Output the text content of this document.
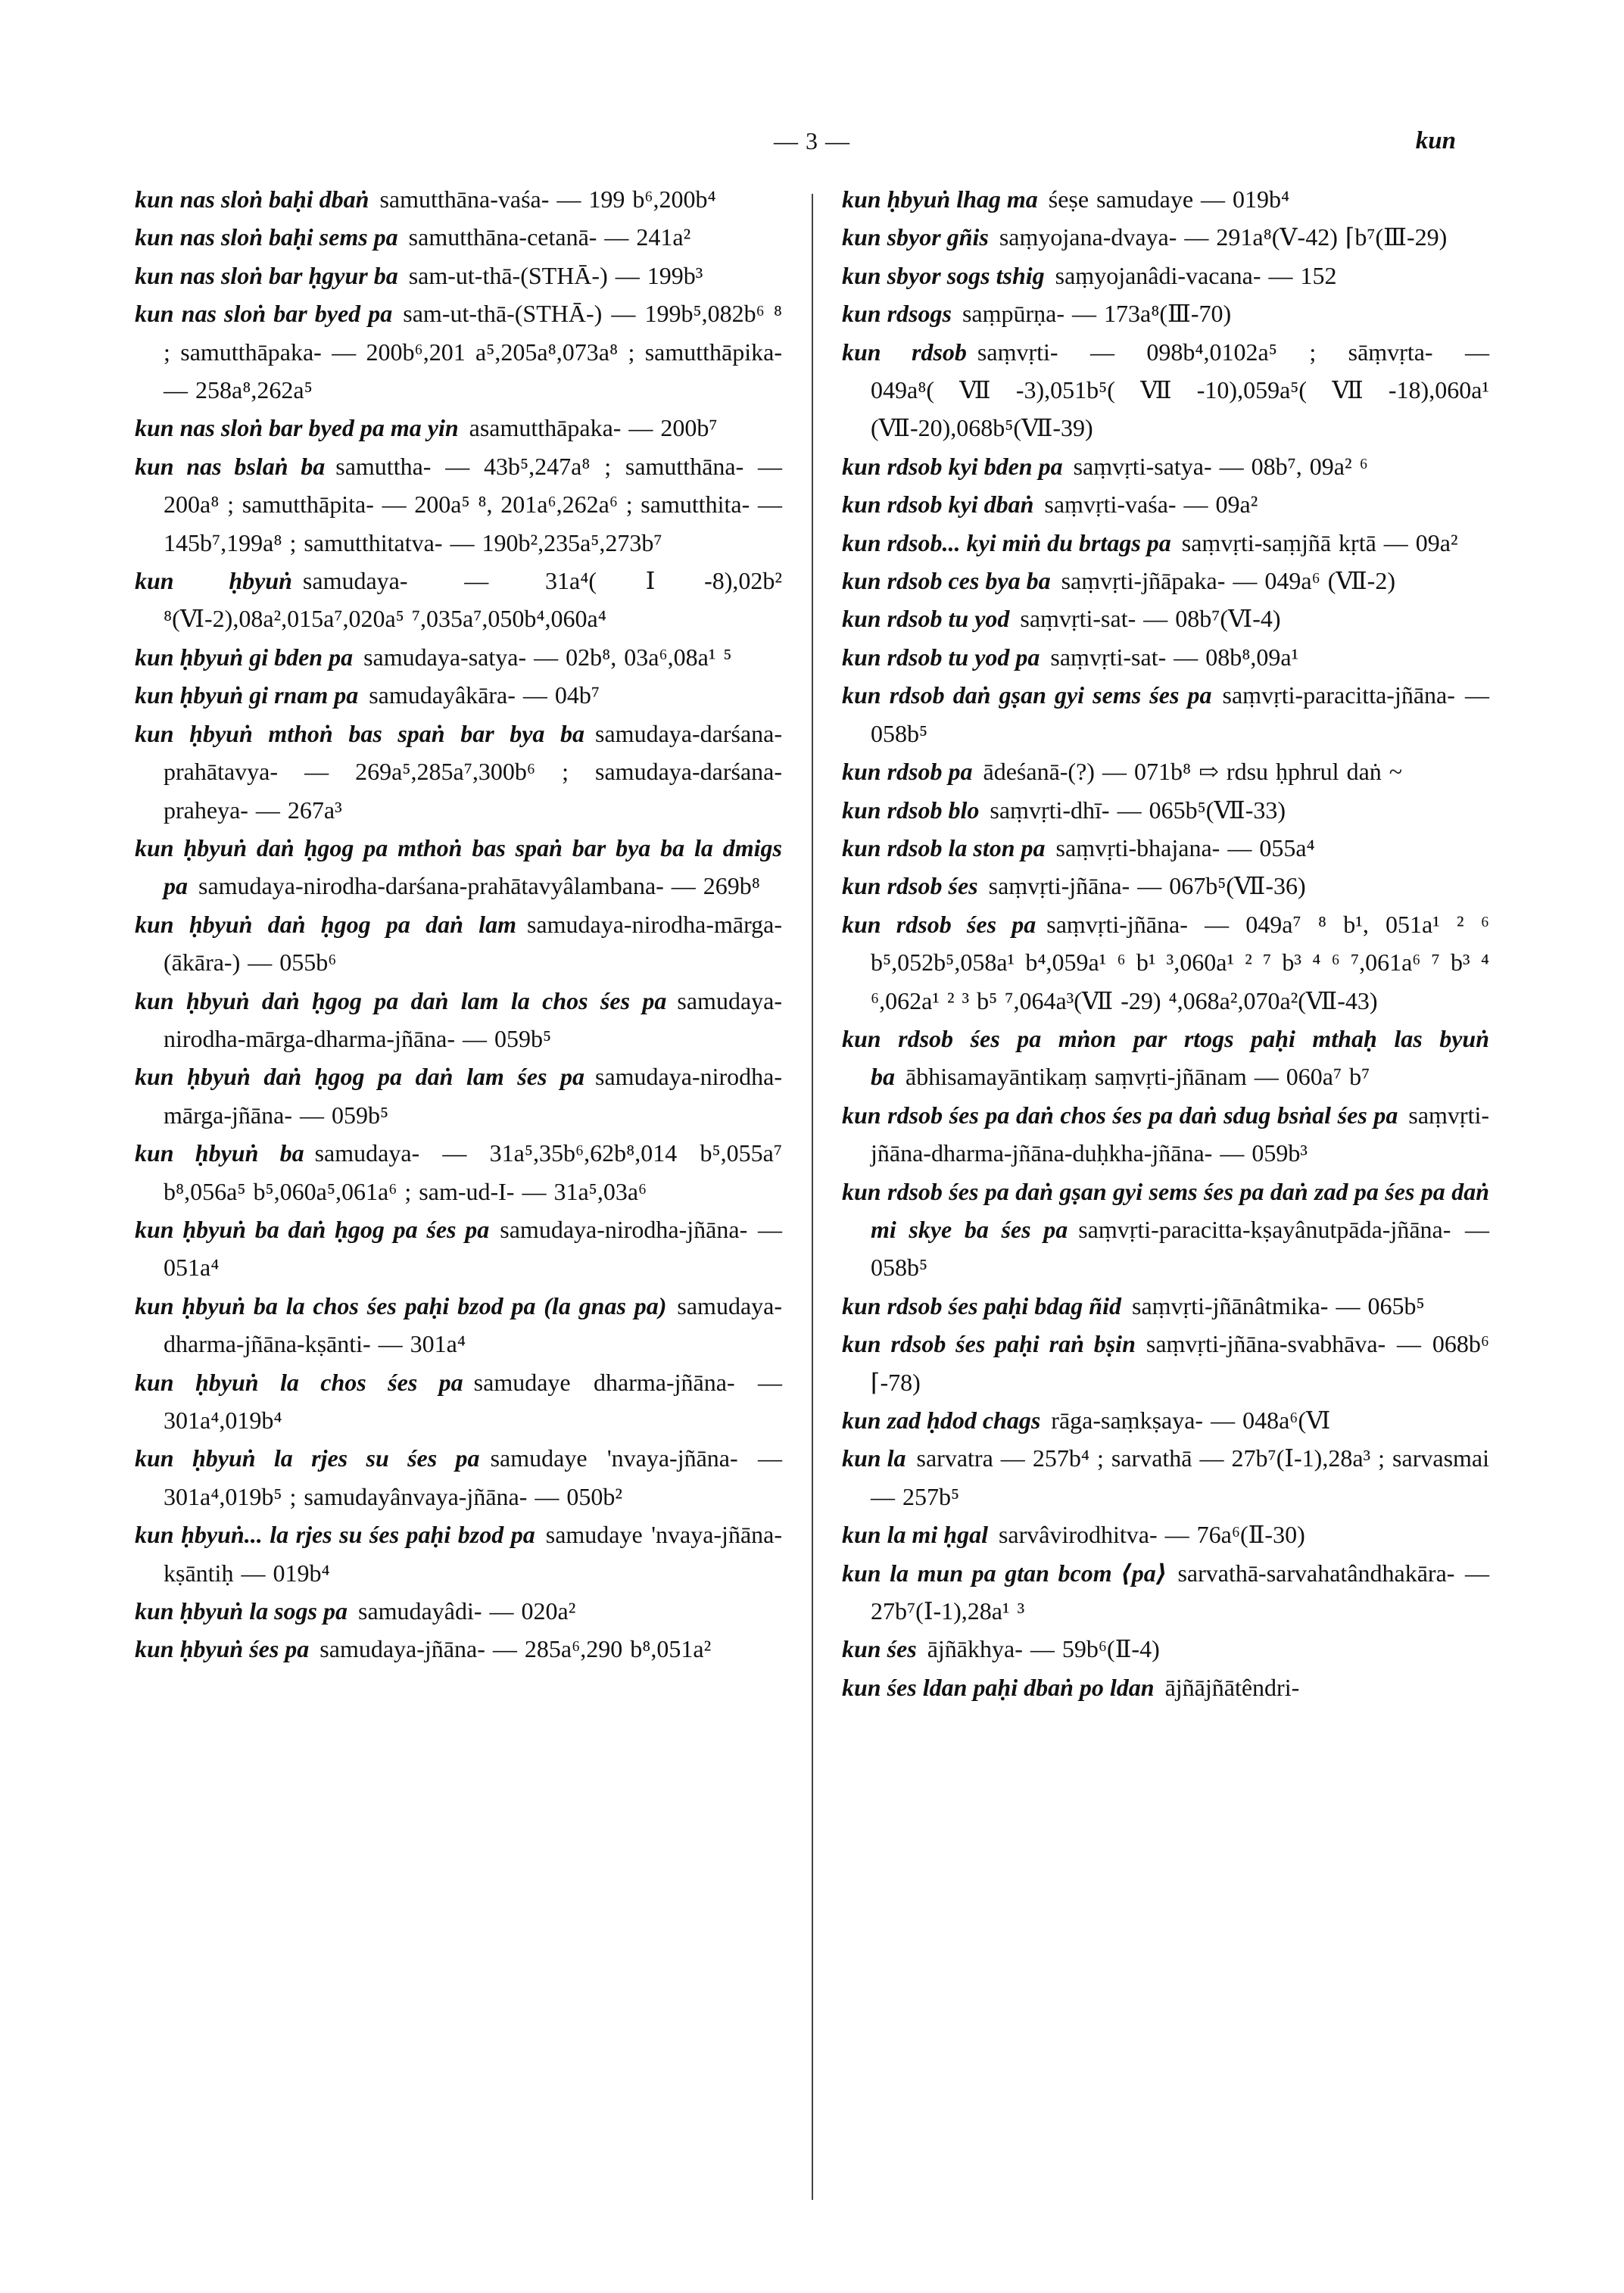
— 3 —	kun

kun nas sloṅ baḥi dbaṅ samutthāna-vaśa- — 199 b⁶,200b⁴

kun nas sloṅ baḥi sems pa samutthāna-cetanā- — 241a²

kun nas sloṅ bar ḥgyur ba sam-ut-thā-(STHĀ-) — 199b³

kun nas sloṅ bar byed pa sam-ut-thā-(STHĀ-) — 199b⁵,082b⁶ ⁸ ; samutthāpaka- — 200b⁶,201 a⁵,205a⁸,073a⁸ ; samutthāpika- — 258a⁸,262a⁵

kun nas sloṅ bar byed pa ma yin asamutthāpaka- — 200b⁷

kun nas bslaṅ ba samuttha- — 43b⁵,247a⁸ ; samutthāna- — 200a⁸ ; samutthāpita- — 200a⁵ ⁸, 201a⁶,262a⁶ ; samutthita- — 145b⁷,199a⁸ ; samutthitatva- — 190b²,235a⁵,273b⁷

kun ḥbyuṅ samudaya- — 31a⁴(Ⅰ-8),02b² ⁸(Ⅵ-2),08a²,015a⁷,020a⁵ ⁷,035a⁷,050b⁴,060a⁴

kun ḥbyuṅ gi bden pa samudaya-satya- — 02b⁸, 03a⁶,08a¹ ⁵

kun ḥbyuṅ gi rnam pa samudayâkāra- — 04b⁷

kun ḥbyuṅ mthoṅ bas spaṅ bar bya ba samudaya-darśana-prahātavya- — 269a⁵,285a⁷,300b⁶ ; samudaya-darśana-praheya- — 267a³

kun ḥbyuṅ daṅ ḥgog pa mthoṅ bas spaṅ bar bya ba la dmigs pa samudaya-nirodha-darśana-prahātavyâlambana- — 269b⁸

kun ḥbyuṅ daṅ ḥgog pa daṅ lam samudaya-nirodha-mārga-(ākāra-) — 055b⁶

kun ḥbyuṅ daṅ ḥgog pa daṅ lam la chos śes pa samudaya-nirodha-mārga-dharma-jñāna- — 059b⁵

kun ḥbyuṅ daṅ ḥgog pa daṅ lam śes pa samudaya-nirodha-mārga-jñāna- — 059b⁵

kun ḥbyuṅ ba samudaya- — 31a⁵,35b⁶,62b⁸,014 b⁵,055a⁷ b⁸,056a⁵ b⁵,060a⁵,061a⁶ ; sam-ud-I- — 31a⁵,03a⁶

kun ḥbyuṅ ba daṅ ḥgog pa śes pa samudaya-nirodha-jñāna- — 051a⁴

kun ḥbyuṅ ba la chos śes paḥi bzod pa (la gnas pa) samudaya-dharma-jñāna-kṣānti- — 301a⁴

kun ḥbyuṅ la chos śes pa samudaye dharma-jñāna- — 301a⁴,019b⁴

kun ḥbyuṅ la rjes su śes pa samudaye 'nvaya-jñāna- — 301a⁴,019b⁵ ; samudayânvaya-jñāna- — 050b²

kun ḥbyuṅ... la rjes su śes paḥi bzod pa samudaye 'nvaya-jñāna-kṣāntiḥ — 019b⁴

kun ḥbyuṅ la sogs pa samudayâdi- — 020a²

kun ḥbyuṅ śes pa samudaya-jñāna- — 285a⁶,290 b⁸,051a²

kun ḥbyuṅ lhag ma śeṣe samudaye — 019b⁴

kun sbyor gñis saṃyojana-dvaya- — 291a⁸(Ⅴ-42) ⌈b⁷(Ⅲ-29)

kun sbyor sogs tshig saṃyojanâdi-vacana- — 152

kun rdsogs saṃpūrṇa- — 173a⁸(Ⅲ-70)

kun rdsob saṃvṛti- — 098b⁴,0102a⁵ ; sāṃvṛta- — 049a⁸(Ⅶ-3),051b⁵(Ⅶ-10),059a⁵(Ⅶ-18),060a¹ (Ⅶ-20),068b⁵(Ⅶ-39)

kun rdsob kyi bden pa saṃvṛti-satya- — 08b⁷, 09a² ⁶

kun rdsob kyi dbaṅ saṃvṛti-vaśa- — 09a²

kun rdsob... kyi miṅ du brtags pa saṃvṛti-saṃjñā kṛtā — 09a²

kun rdsob ces bya ba saṃvṛti-jñāpaka- — 049a⁶ (Ⅶ-2)

kun rdsob tu yod saṃvṛti-sat- — 08b⁷(Ⅵ-4)

kun rdsob tu yod pa saṃvṛti-sat- — 08b⁸,09a¹

kun rdsob daṅ gṣan gyi sems śes pa saṃvṛti-paracitta-jñāna- — 058b⁵

kun rdsob pa ādeśanā-(?) — 071b⁸ ⇨ rdsu ḥphrul daṅ ~

kun rdsob blo saṃvṛti-dhī- — 065b⁵(Ⅶ-33)

kun rdsob la ston pa saṃvṛti-bhajana- — 055a⁴

kun rdsob śes saṃvṛti-jñāna- — 067b⁵(Ⅶ-36)

kun rdsob śes pa saṃvṛti-jñāna- — 049a⁷ ⁸ b¹, 051a¹ ² ⁶ b⁵,052b⁵,058a¹ b⁴,059a¹ ⁶ b¹ ³,060a¹ ² ⁷ b³ ⁴ ⁶ ⁷,061a⁶ ⁷ b³ ⁴ ⁶,062a¹ ² ³ b⁵ ⁷,064a³(Ⅶ -29) ⁴,068a²,070a²(Ⅶ-43)

kun rdsob śes pa mṅon par rtogs paḥi mthaḥ las byuṅ ba ābhisamayāntikaṃ saṃvṛti-jñānam — 060a⁷ b⁷

kun rdsob śes pa daṅ chos śes pa daṅ sdug bsṅal śes pa saṃvṛti-jñāna-dharma-jñāna-duḥkha-jñāna- — 059b³

kun rdsob śes pa daṅ gṣan gyi sems śes pa daṅ zad pa śes pa daṅ mi skye ba śes pa saṃvṛti-paracitta-kṣayânutpāda-jñāna- — 058b⁵

kun rdsob śes paḥi bdag ñid saṃvṛti-jñānâtmika- — 065b⁵

kun rdsob śes paḥi raṅ bṣin saṃvṛti-jñāna-svabhāva- — 068b⁶ ⌈-78)

kun zad ḥdod chags rāga-saṃkṣaya- — 048a⁶(Ⅵ

kun la sarvatra — 257b⁴ ; sarvathā — 27b⁷(Ⅰ-1),28a³ ; sarvasmai — 257b⁵

kun la mi ḥgal sarvâvirodhitva- — 76a⁶(Ⅱ-30)

kun la mun pa gtan bcom ⟨pa⟩ sarvathā-sarvahatândhakāra- — 27b⁷(Ⅰ-1),28a¹ ³

kun śes ājñākhya- — 59b⁶(Ⅱ-4)

kun śes ldan paḥi dbaṅ po ldan ājñājñātêndri-
